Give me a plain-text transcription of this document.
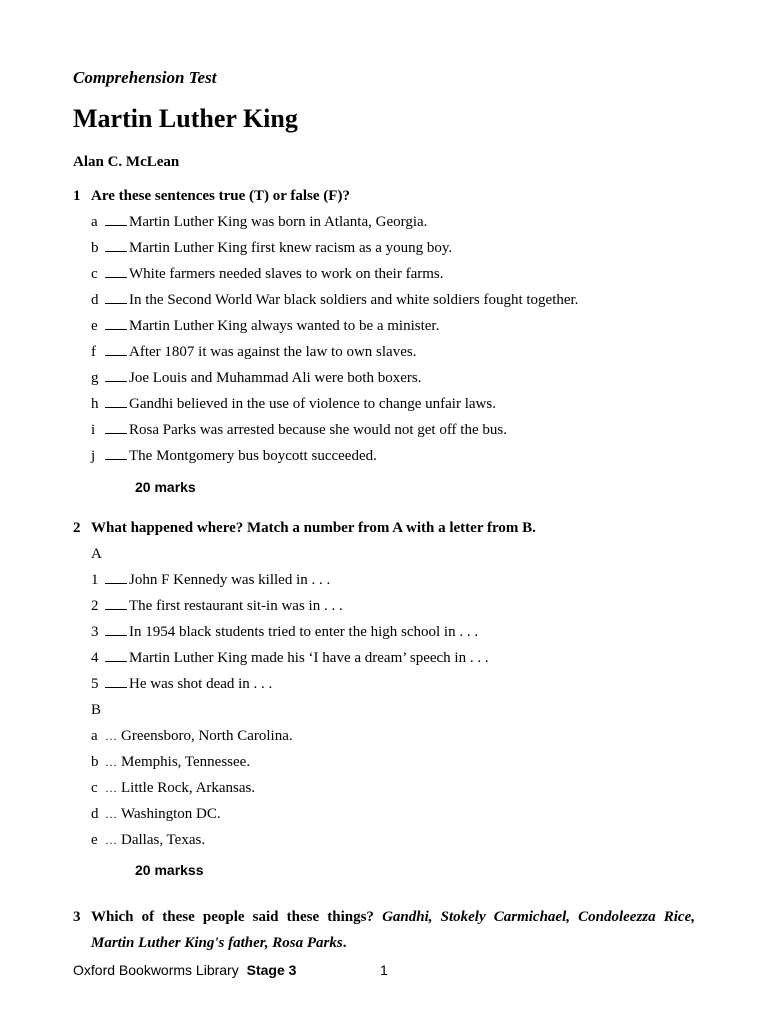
Comprehension Test
Martin Luther King
Alan C. McLean
1 Are these sentences true (T) or false (F)?
a Martin Luther King was born in Atlanta, Georgia.
b Martin Luther King first knew racism as a young boy.
c White farmers needed slaves to work on their farms.
d In the Second World War black soldiers and white soldiers fought together.
e Martin Luther King always wanted to be a minister.
f After 1807 it was against the law to own slaves.
g Joe Louis and Muhammad Ali were both boxers.
h Gandhi believed in the use of violence to change unfair laws.
i Rosa Parks was arrested because she would not get off the bus.
j The Montgomery bus boycott succeeded.
20 marks
2 What happened where? Match a number from A with a letter from B.
A
1 John F Kennedy was killed in . . .
2 The first restaurant sit-in was in . . .
3 In 1954 black students tried to enter the high school in . . .
4 Martin Luther King made his ‘I have a dream’ speech in . . .
5 He was shot dead in . . .
B
a … Greensboro, North Carolina.
b … Memphis, Tennessee.
c … Little Rock, Arkansas.
d … Washington DC.
e … Dallas, Texas.
20 markss
3 Which of these people said these things? Gandhi, Stokely Carmichael, Condoleezza Rice,
Martin Luther King's father, Rosa Parks.
Oxford Bookworms Library Stage 3	1
